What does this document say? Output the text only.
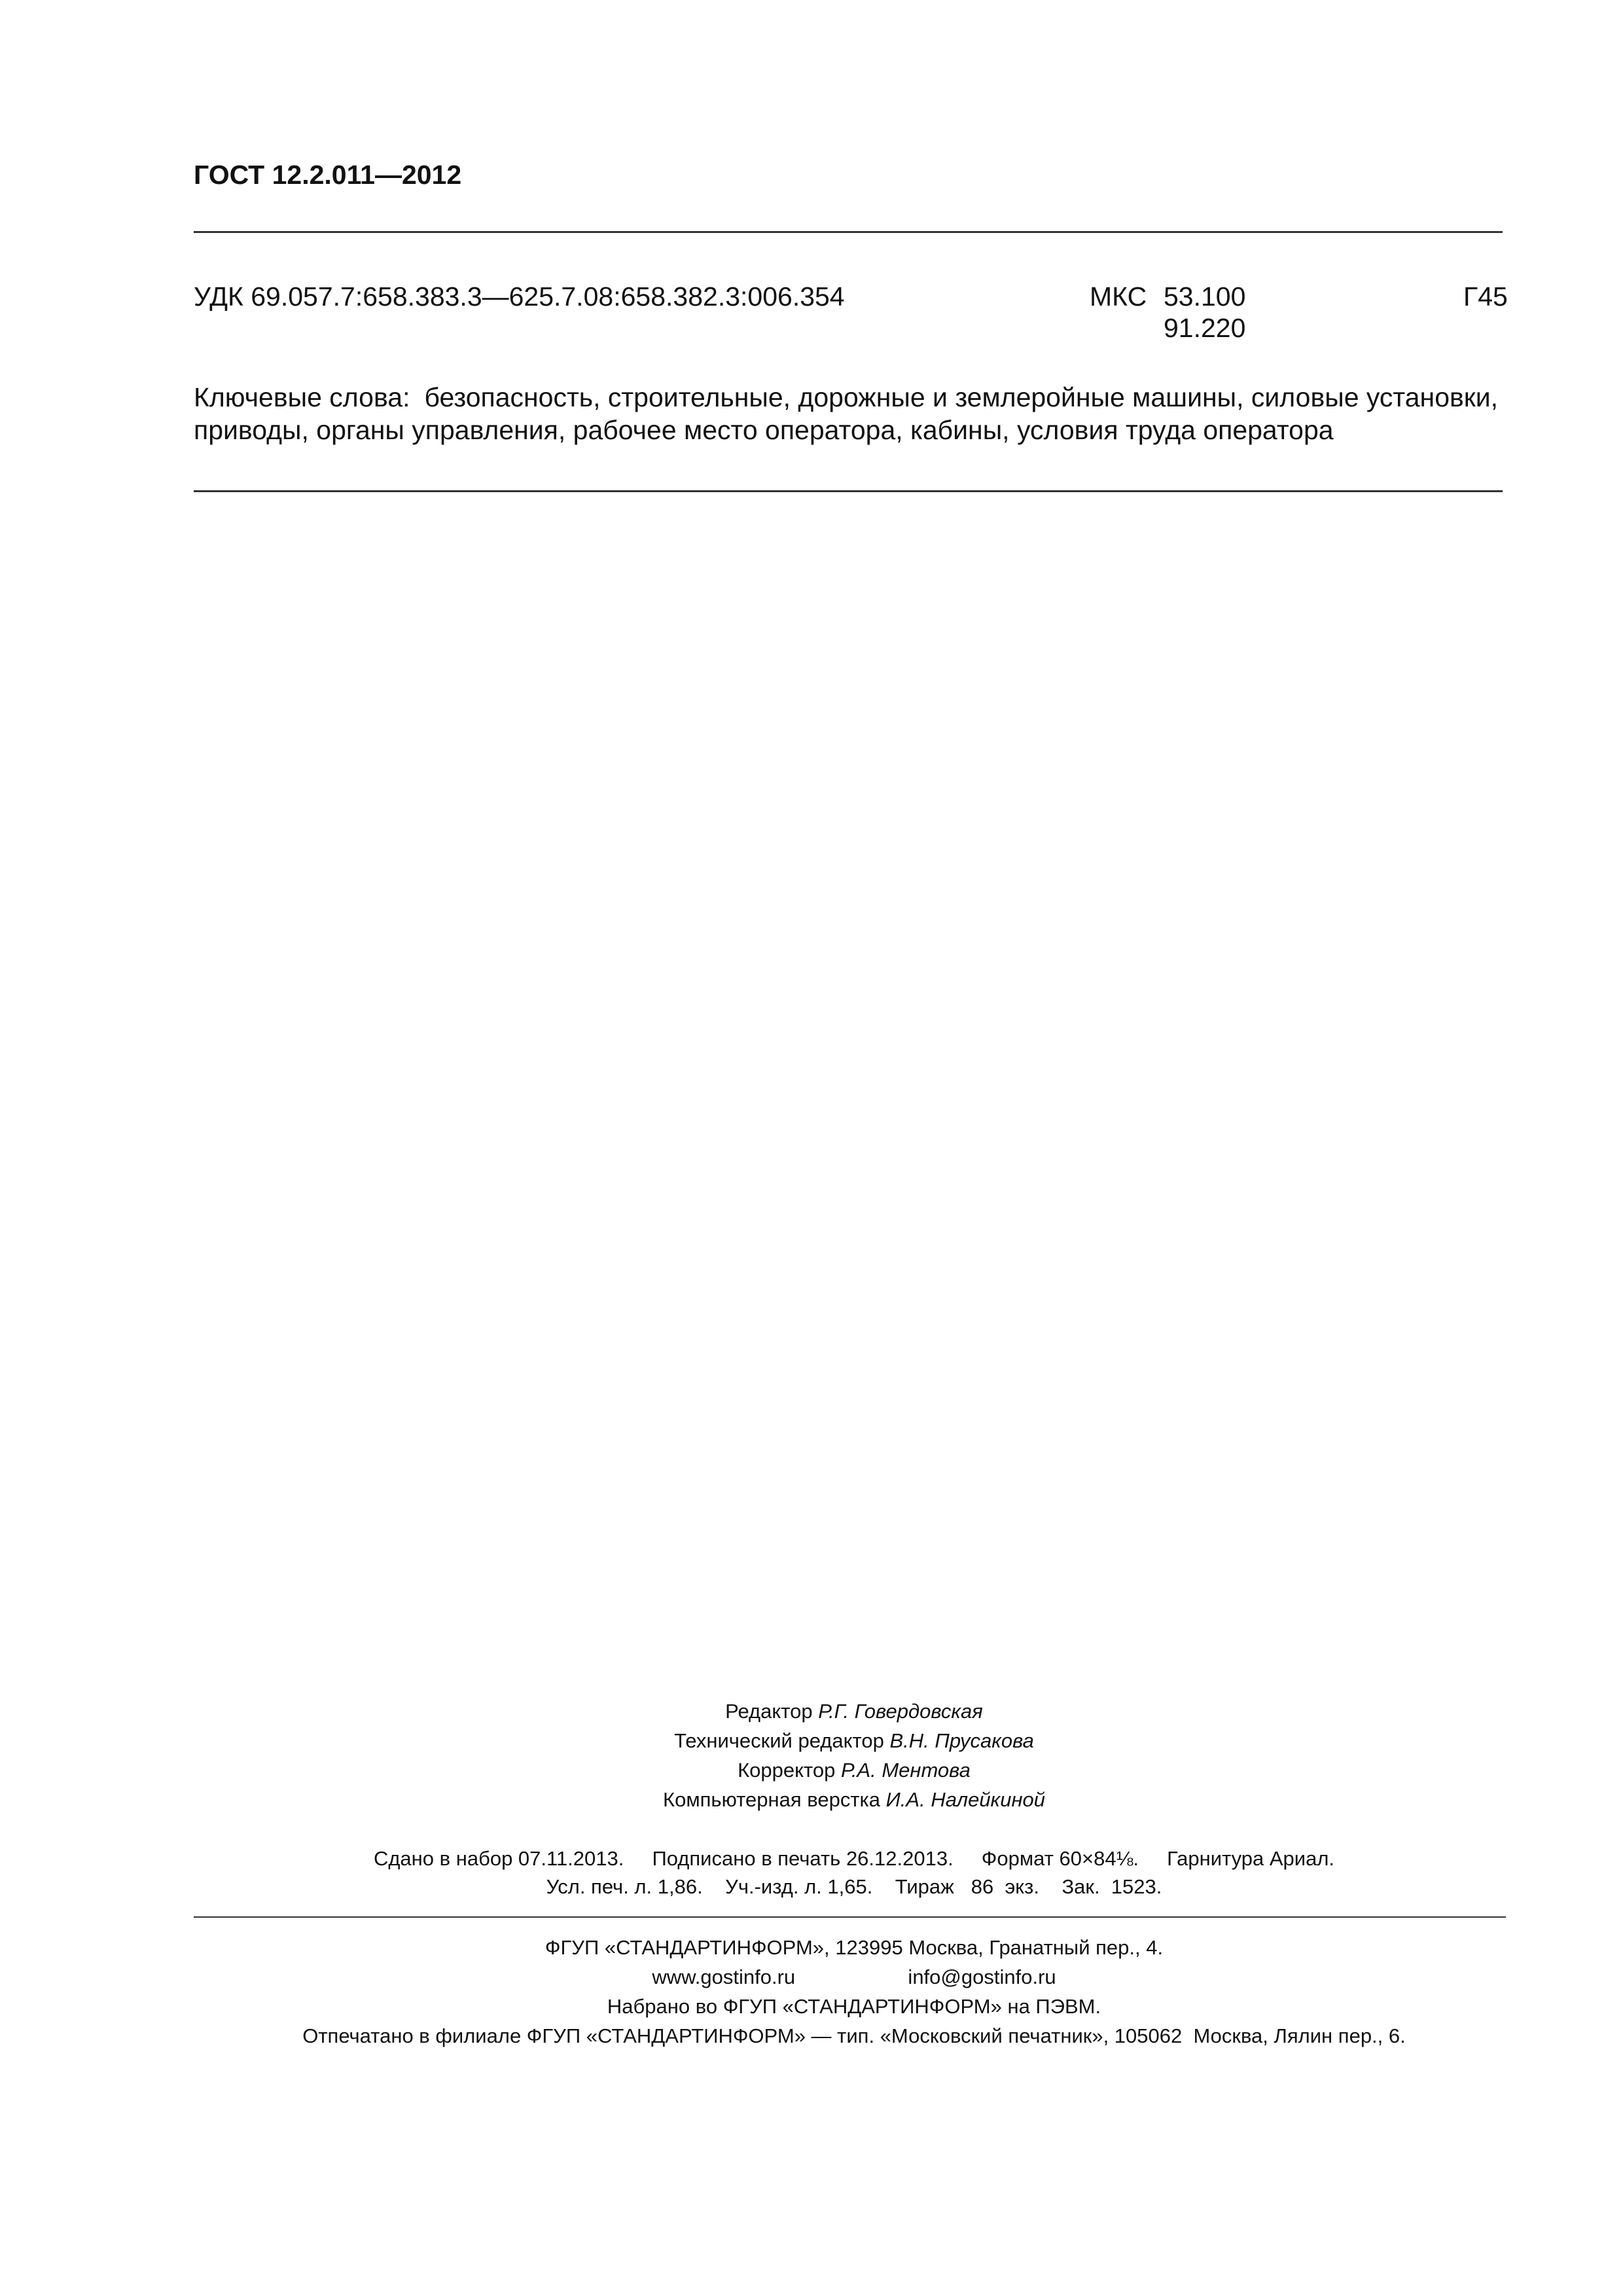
ГОСТ 12.2.011—2012
УДК 69.057.7:658.383.3—625.7.08:658.382.3:006.354	МКС 53.100
91.220
Г45
Ключевые слова: безопасность, строительные, дорожные и землеройные машины, силовые установки, приводы, органы управления, рабочее место оператора, кабины, условия труда оператора
Редактор Р.Г. Говердовская
Технический редактор В.Н. Прусакова
Корректор Р.А. Ментова
Компьютерная верстка И.А. Налейкиной
Сдано в набор 07.11.2013.     Подписано в печать 26.12.2013.     Формат 60×84⅛.     Гарнитура Ариал.
Усл. печ. л. 1,86.    Уч.-изд. л. 1,65.    Тираж   86  экз.    Зак.  1523.
ФГУП «СТАНДАРТИНФОРМ», 123995 Москва, Гранатный пер., 4.
www.gostinfo.ru                    info@gostinfo.ru
Набрано во ФГУП «СТАНДАРТИНФОРМ» на ПЭВМ.
Отпечатано в филиале ФГУП «СТАНДАРТИНФОРМ» — тип. «Московский печатник», 105062  Москва, Лялин пер., 6.
